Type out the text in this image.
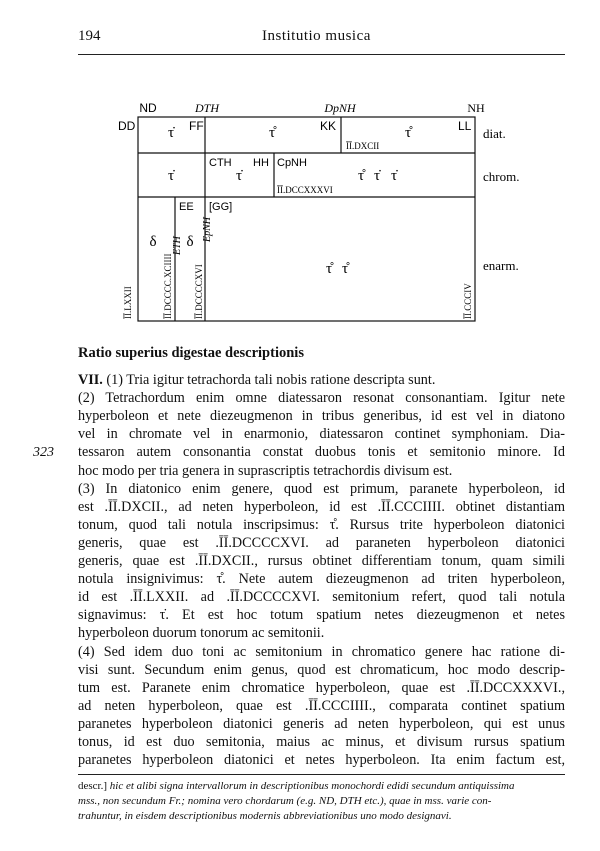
194	Institutio musica
ND	DTH	DpNH	NH
DD τ̇ FF	τ̊	KK
ĪĪ.DXCII
τ̊	LL diat.
τ̇
CTH
τ̇
HH CpNH
ĪĪ.DCCXXXVI
τ̊ τ̇ τ̇	chrom.
EE [GG]
δ δ
ETH
EpNH
τ̊ τ̊	enarm.
ĪĪ.LXXII	ĪĪ.DCCCC.XCIIII ĪĪ.DCCCCXVI	ĪĪ.CCCIV
Ratio superius digestae descriptionis
323
VII. (1) Tria igitur tetrachorda tali nobis ratione descripta sunt.
(2) Tetrachordum enim omne diatessaron resonat consonantiam. Igitur nete
hyperboleon et nete diezeugmenon in tribus generibus, id est vel in diatono
vel in chromate vel in enarmonio, diatessaron continet symphoniam. Dia-
tessaron autem consonantia constat duobus tonis et semitonio minore. Id
hoc modo per tria genera in suprascriptis tetrachordis divisum est.
(3) In diatonico enim genere, quod est primum, paranete hyperboleon, id
est .ĪĪ.DXCII., ad neten hyperboleon, id est .ĪĪ.CCCIIII. obtinet distantiam
tonum, quod tali notula inscripsimus: τ̊. Rursus trite hyperboleon diatonici
generis, quae est .ĪĪ.DCCCCXVI. ad paraneten hyperboleon diatonici
generis, quae est .ĪĪ.DXCII., rursus obtinet differentiam tonum, quam simili
notula insignivimus: τ̊. Nete autem diezeugmenon ad triten hyperboleon,
id est .ĪĪ.LXXII. ad .ĪĪ.DCCCCXVI. semitonium refert, quod tali notula
signavimus: τ̇. Et est hoc totum spatium netes diezeugmenon et netes
hyperboleon duorum tonorum ac semitonii.
(4) Sed idem duo toni ac semitonium in chromatico genere hac ratione di-
visi sunt. Secundum enim genus, quod est chromaticum, hoc modo descrip-
tum est. Paranete enim chromatice hyperboleon, quae est .ĪĪ.DCCXXXVI.,
ad neten hyperboleon, quae est .ĪĪ.CCCIIII., comparata continet spatium
paranetes hyperboleon diatonici generis ad neten hyperboleon, qui est unus
tonus, id est duo semitonia, maius ac minus, et divisum rursus spatium
paranetes hyperboleon diatonici et netes hyperboleon. Ita enim factum est,
descr.] hic et alibi signa intervallorum in descriptionibus monochordi edidi secundum antiquissima
mss., non secundum Fr.; nomina vero chordarum (e.g. ND, DTH etc.), quae in mss. varie con-
trahuntur, in eisdem descriptionibus modernis abbreviationibus uno modo designavi.
